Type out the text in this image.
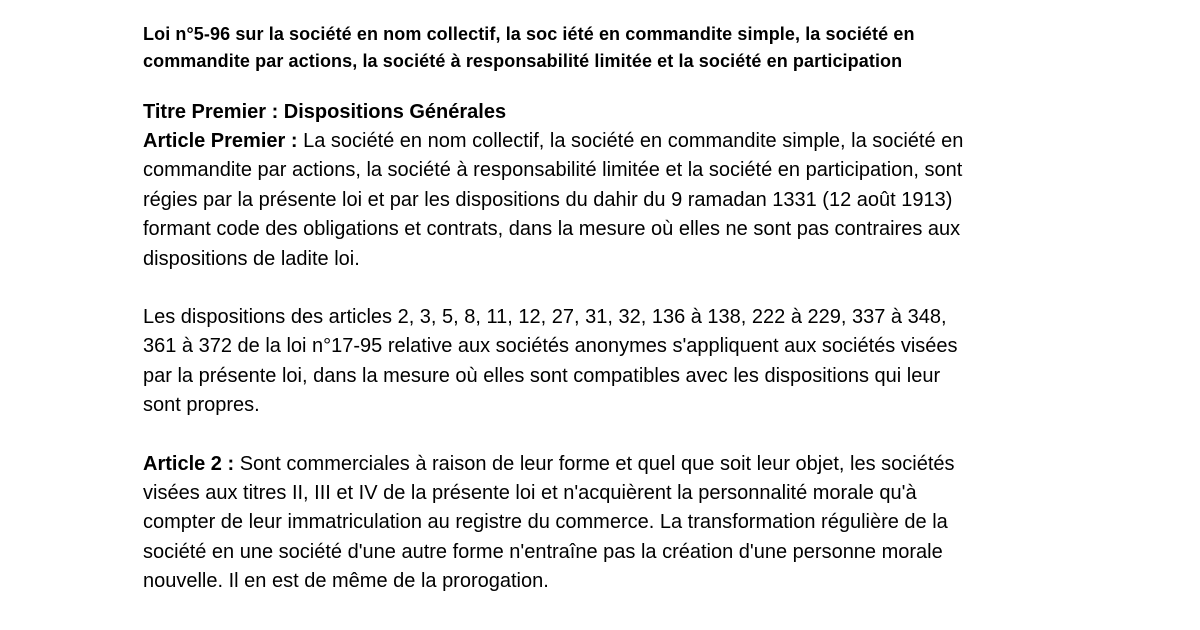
Loi n°5-96 sur la société en nom collectif, la soc iété en commandite simple, la société en
commandite par actions, la société à responsabilité limitée et la société en participation
Titre Premier : Dispositions Générales

Article Premier : La société en nom collectif, la société en commandite simple, la société en
commandite par actions, la société à responsabilité limitée et la société en participation, sont
régies par la présente loi et par les dispositions du dahir du 9 ramadan 1331 (12 août 1913)
formant code des obligations et contrats, dans la mesure où elles ne sont pas contraires aux
dispositions de ladite loi.

Les dispositions des articles 2, 3, 5, 8, 11, 12, 27, 31, 32, 136 à 138, 222 à 229, 337 à 348,
361 à 372 de la loi n°17-95 relative aux sociétés anonymes s'appliquent aux sociétés visées
par la présente loi, dans la mesure où elles sont compatibles avec les dispositions qui leur
sont propres.

Article 2 : Sont commerciales à raison de leur forme et quel que soit leur objet, les sociétés
visées aux titres II, III et IV de la présente loi et n'acquièrent la personnalité morale qu'à
compter de leur immatriculation au registre du commerce. La transformation régulière de la
société en une société d'une autre forme n'entraîne pas la création d'une personne morale
nouvelle. Il en est de même de la prorogation.
